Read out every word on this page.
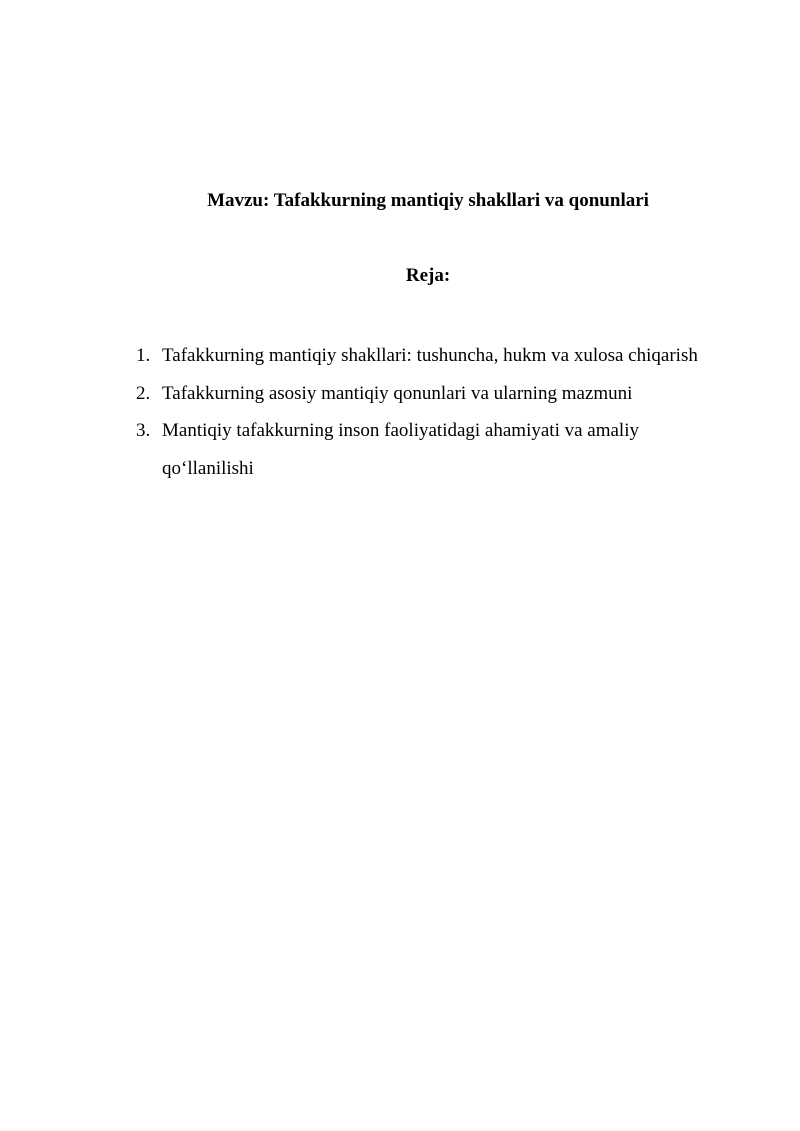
Mavzu: Tafakkurning mantiqiy shakllari va qonunlari
Reja:
1. Tafakkurning mantiqiy shakllari: tushuncha, hukm va xulosa chiqarish
2. Tafakkurning asosiy mantiqiy qonunlari va ularning mazmuni
3. Mantiqiy tafakkurning inson faoliyatidagi ahamiyati va amaliy qo‘llanilishi
